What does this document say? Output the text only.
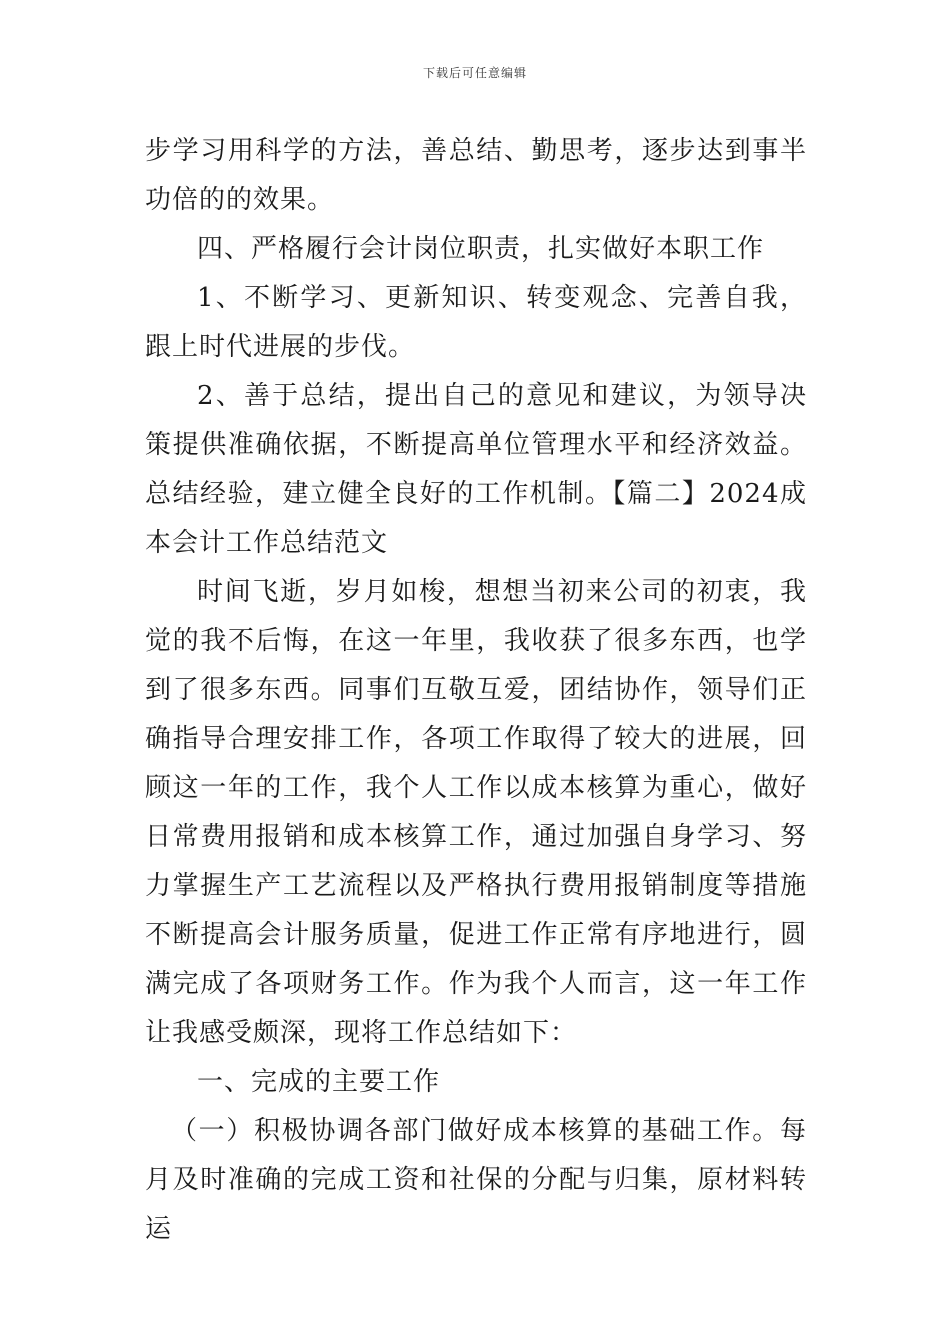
下载后可任意编辑

步学习用科学的方法，善总结、勤思考，逐步达到事半功倍的的效果。

四、严格履行会计岗位职责，扎实做好本职工作

1、不断学习、更新知识、转变观念、完善自我，跟上时代进展的步伐。

2、善于总结，提出自己的意见和建议，为领导决策提供准确依据，不断提高单位管理水平和经济效益。总结经验，建立健全良好的工作机制。【篇二】2024成本会计工作总结范文

时间飞逝，岁月如梭，想想当初来公司的初衷，我觉的我不后悔，在这一年里，我收获了很多东西，也学到了很多东西。同事们互敬互爱，团结协作，领导们正确指导合理安排工作，各项工作取得了较大的进展，回顾这一年的工作，我个人工作以成本核算为重心，做好日常费用报销和成本核算工作，通过加强自身学习、努力掌握生产工艺流程以及严格执行费用报销制度等措施不断提高会计服务质量，促进工作正常有序地进行，圆满完成了各项财务工作。作为我个人而言，这一年工作让我感受颇深，现将工作总结如下：

一、完成的主要工作

（一）积极协调各部门做好成本核算的基础工作。每月及时准确的完成工资和社保的分配与归集，原材料转运
